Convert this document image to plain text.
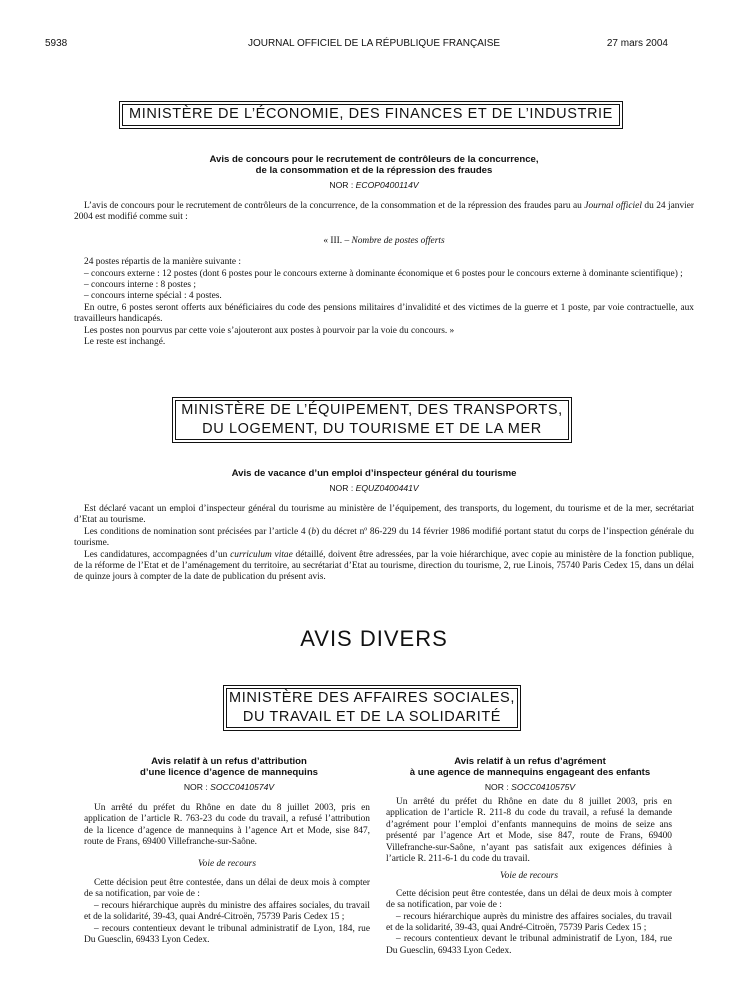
5938	JOURNAL OFFICIEL DE LA RÉPUBLIQUE FRANÇAISE	27 mars 2004
MINISTÈRE DE L’ÉCONOMIE, DES FINANCES ET DE L’INDUSTRIE
Avis de concours pour le recrutement de contrôleurs de la concurrence,
de la consommation et de la répression des fraudes
NOR : ECOP0400114V

L’avis de concours pour le recrutement de contrôleurs de la concurrence, de la consommation et de la répression des fraudes paru au Journal officiel du 24 janvier 2004 est modifié comme suit :

« III. – Nombre de postes offerts

24 postes répartis de la manière suivante :

– concours externe : 12 postes (dont 6 postes pour le concours externe à dominante économique et 6 postes pour le concours externe à dominante scientifique) ;

– concours interne : 8 postes ;

– concours interne spécial : 4 postes.

En outre, 6 postes seront offerts aux bénéficiaires du code des pensions militaires d’invalidité et des victimes de la guerre et 1 poste, par voie contractuelle, aux travailleurs handicapés.

Les postes non pourvus par cette voie s’ajouteront aux postes à pourvoir par la voie du concours. »

Le reste est inchangé.

MINISTÈRE DE L’ÉQUIPEMENT, DES TRANSPORTS,
DU LOGEMENT, DU TOURISME ET DE LA MER
Avis de vacance d’un emploi d’inspecteur général du tourisme
NOR : EQUZ0400441V

Est déclaré vacant un emploi d’inspecteur général du tourisme au ministère de l’équipement, des transports, du logement, du tourisme et de la mer, secrétariat d’Etat au tourisme.

Les conditions de nomination sont précisées par l’article 4 (b) du décret nº 86-229 du 14 février 1986 modifié portant statut du corps de l’inspection générale du tourisme.

Les candidatures, accompagnées d’un curriculum vitae détaillé, doivent être adressées, par la voie hiérarchique, avec copie au ministère de la fonction publique, de la réforme de l’Etat et de l’aménagement du territoire, au secrétariat d’Etat au tourisme, direction du tourisme, 2, rue Linois, 75740 Paris Cedex 15, dans un délai de quinze jours à compter de la date de publication du présent avis.

AVIS DIVERS
MINISTÈRE DES AFFAIRES SOCIALES,
DU TRAVAIL ET DE LA SOLIDARITÉ
Avis relatif à un refus d’attribution
d’une licence d’agence de mannequins
NOR : SOCC0410574V

Un arrêté du préfet du Rhône en date du 8 juillet 2003, pris en application de l’article R. 763-23 du code du travail, a refusé l’attribution de la licence d’agence de mannequins à l’agence Art et Mode, sise 847, route de Frans, 69400 Villefranche-sur-Saône.

Voie de recours

Cette décision peut être contestée, dans un délai de deux mois à compter de sa notification, par voie de :

– recours hiérarchique auprès du ministre des affaires sociales, du travail et de la solidarité, 39-43, quai André-Citroën, 75739 Paris Cedex 15 ;

– recours contentieux devant le tribunal administratif de Lyon, 184, rue Du Guesclin, 69433 Lyon Cedex.

Avis relatif à un refus d’agrément
à une agence de mannequins engageant des enfants
NOR : SOCC0410575V

Un arrêté du préfet du Rhône en date du 8 juillet 2003, pris en application de l’article R. 211-8 du code du travail, a refusé la demande d’agrément pour l’emploi d’enfants mannequins de moins de seize ans présenté par l’agence Art et Mode, sise 847, route de Frans, 69400 Villefranche-sur-Saône, n’ayant pas satisfait aux exigences définies à l’article R. 211-6-1 du code du travail.

Voie de recours

Cette décision peut être contestée, dans un délai de deux mois à compter de sa notification, par voie de :

– recours hiérarchique auprès du ministre des affaires sociales, du travail et de la solidarité, 39-43, quai André-Citroën, 75739 Paris Cedex 15 ;

– recours contentieux devant le tribunal administratif de Lyon, 184, rue Du Guesclin, 69433 Lyon Cedex.
